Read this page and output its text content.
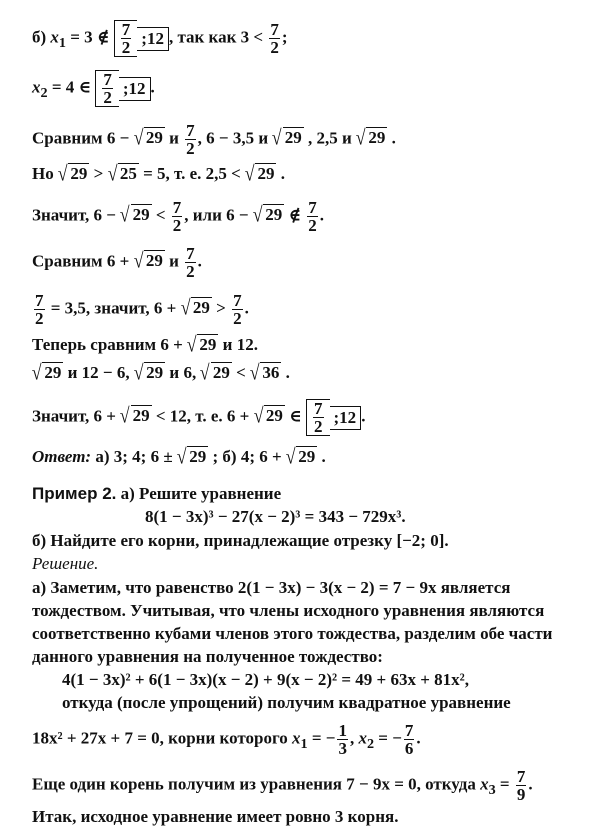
б) $x_1 = 3$ ∉ $\frac{7}{2}$ ;12 , так как $3 < \frac{7}{2}$ ;
$x_2 = 4$ ∈ $\frac{7}{2}$ ;12 .
Сравним 6 − √ 29 и $\frac{7}{2}$ , 6 − 3,5 и √ 29 , 2,5 и √ 29 .
Но √ 29 > √ 25 = 5, т. е. 2,5 < √ 29 .
Значит, 6 − √ $29 < \frac{7}{2}$ , или 6 − √ 29 ∉ $\frac{7}{2}$ .
Сравним 6 + √ 29 и $\frac{7}{2}$ .
$\frac{7}{2} = 3,5$, значит, 6 + √ $29 > \frac{7}{2}$ .
Теперь сравним 6 + √ 29 и 12.
√ 29 и 12 − 6, √ 29 и 6, √ 29 < √ 36 .
Значит, 6 + √ 29 < 12, т. е. 6 + √ 29 ∈ $\frac{7}{2}$ ;12 .
Ответ: а) 3; 4; 6 ± √ 29 ; б) 4; 6 + √ 29 .
Пример 2. а) Решите уравнение
8(1 − 3x)³ − 27(x − 2)³ = 343 − 729x³.
б) Найдите его корни, принадлежащие отрезку [−2; 0].
Решение.
а) Заметим, что равенство 2(1 − 3x) − 3(x − 2) = 7 − 9x является
тождеством. Учитывая, что члены исходного уравнения являются
соответственно кубами членов этого тождества, разделим обе части
данного уравнения на полученное тождество:
4(1 − 3x)² + 6(1 − 3x)(x − 2) + 9(x − 2)² = 49 + 63x + 81x²,
откуда (после упрощений) получим квадратное уравнение
18x² + 27x + 7 = 0, корни которого $x_1$ = − $\frac{1}{3}$ , $x_2$ = − $\frac{7}{6}$ .
Еще один корень получим из уравнения 7 − 9x = 0, откуда $x_3 = \frac{7}{9}$ .
Итак, исходное уравнение имеет ровно 3 корня.
